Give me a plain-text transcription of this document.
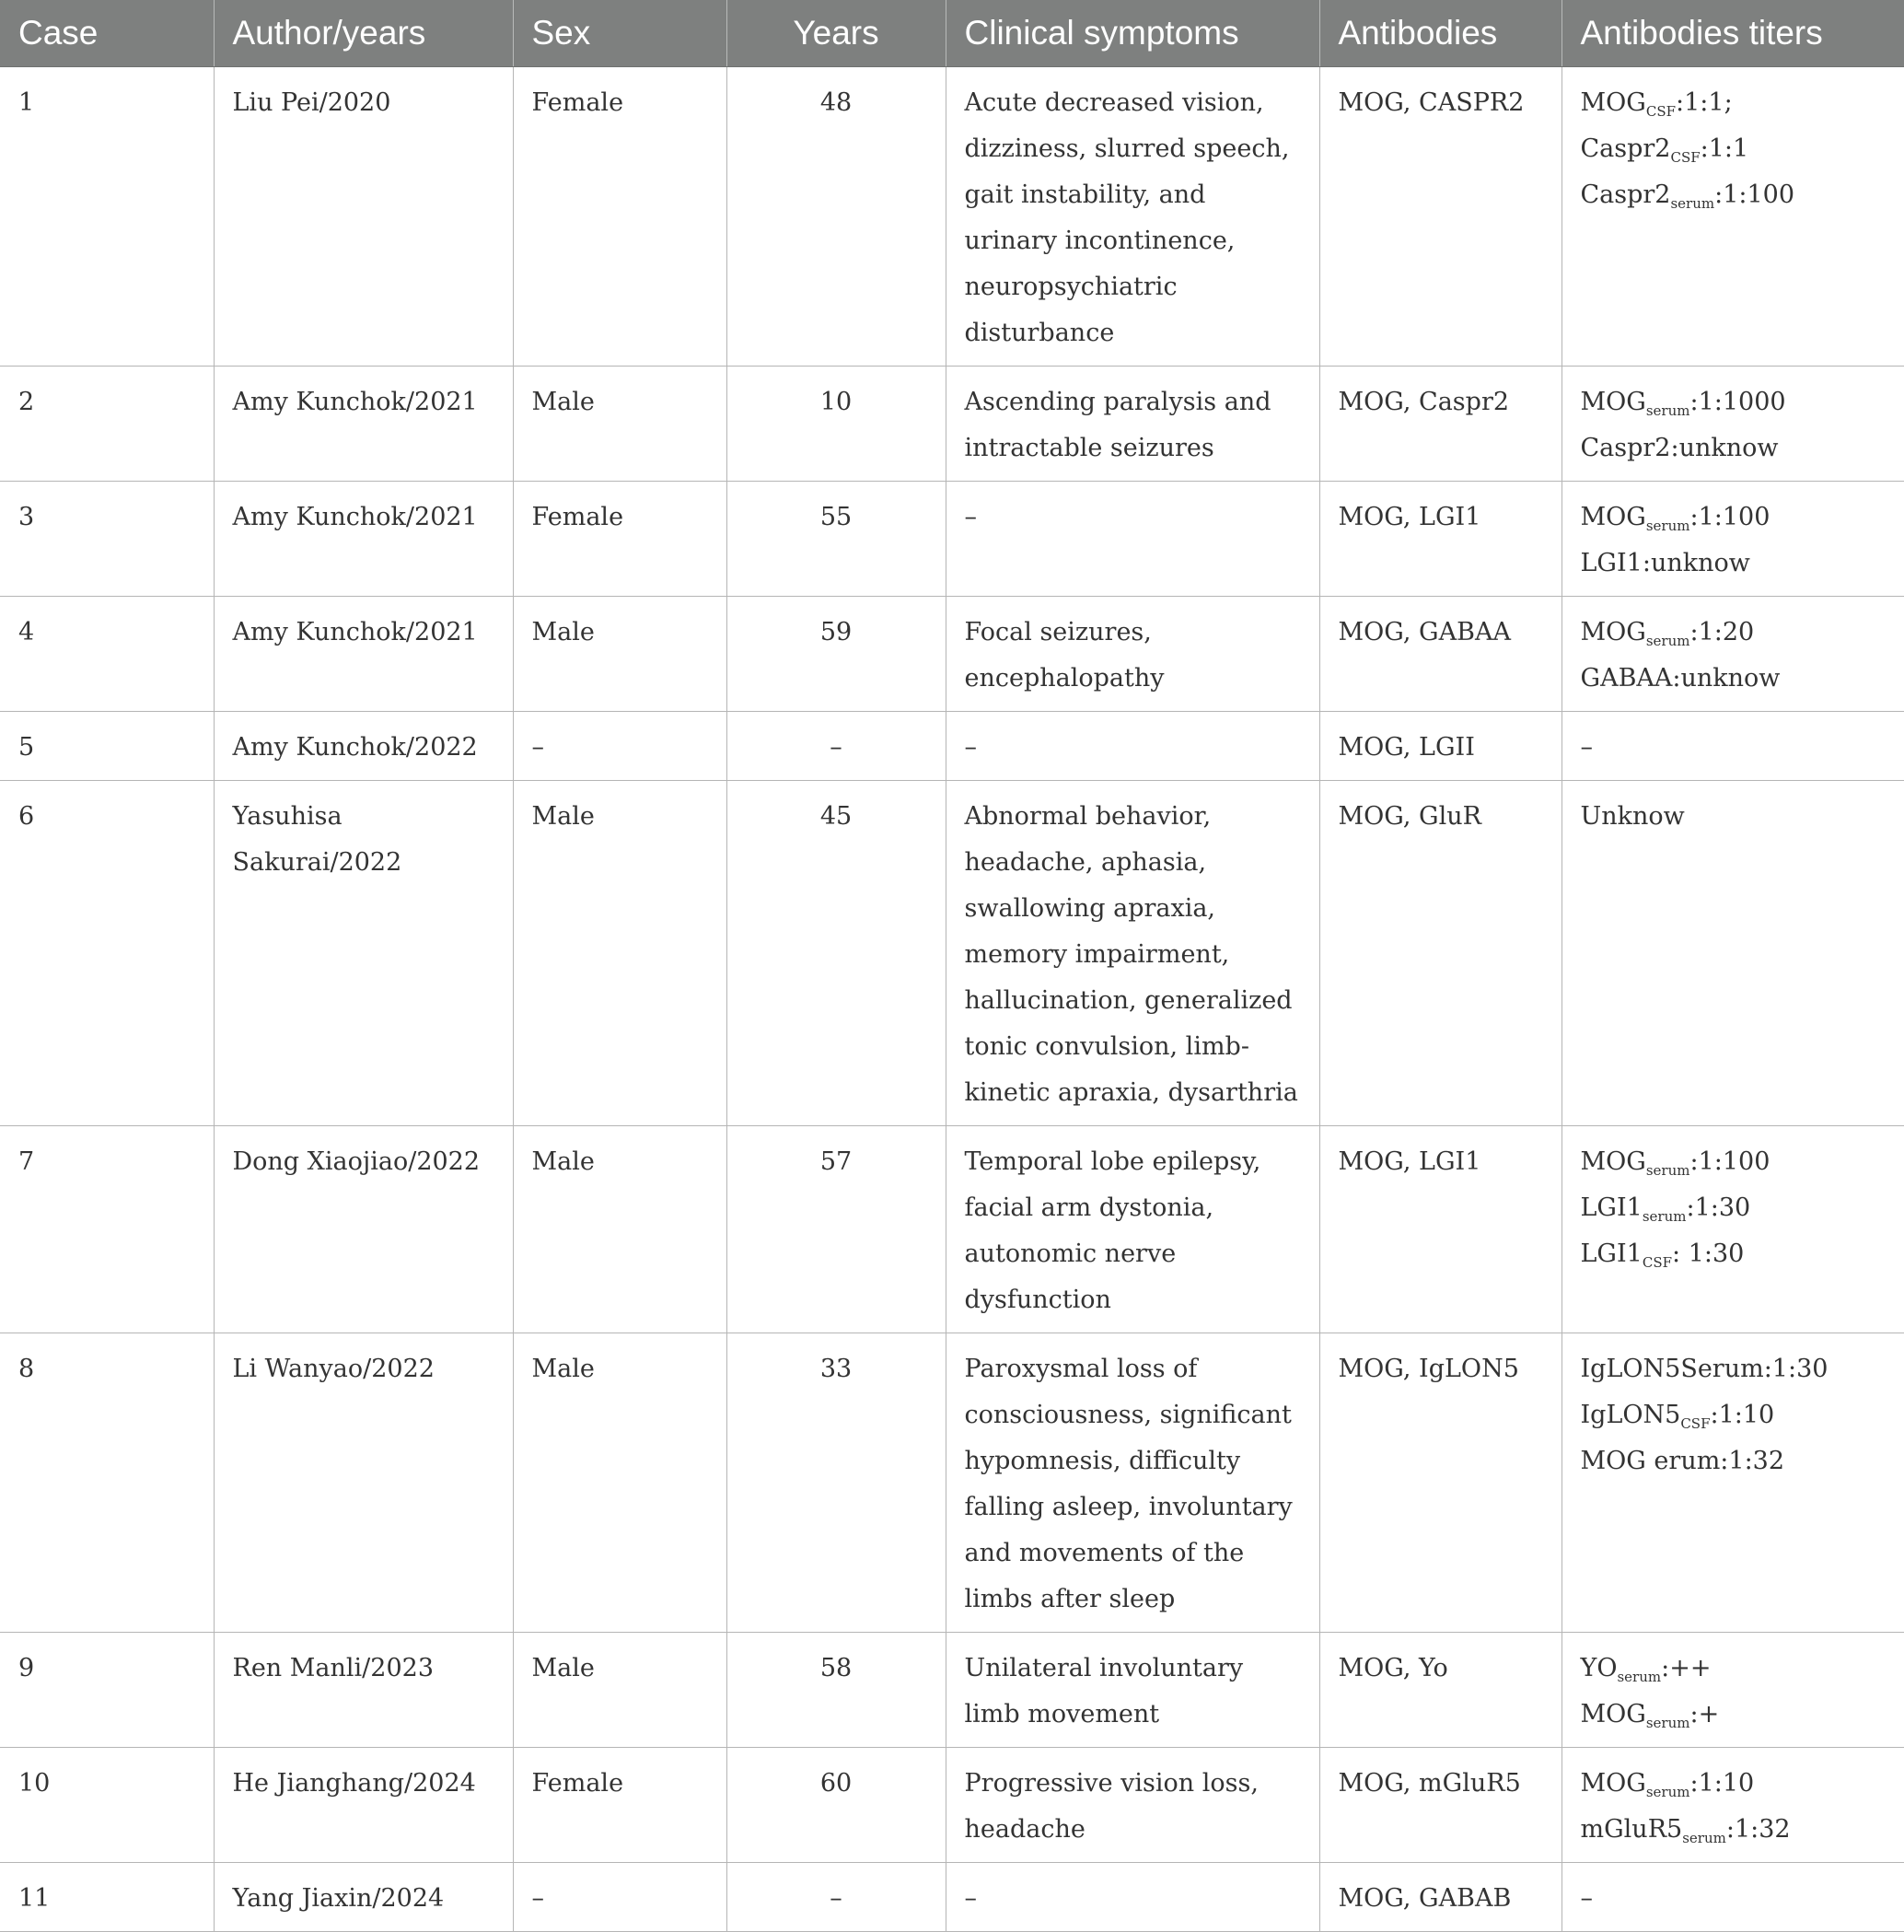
Case	Author/years	Sex	Years	Clinical symptoms	Antibodies	Antibodies titers
1	Liu Pei/2020	Female	48	Acute decreased vision, dizziness, slurred speech, gait instability, and urinary incontinence, neuropsychiatric disturbance	MOG, CASPR2	$MOG_{CSF}:1:1$; $Caspr2_{CSF}:1:1$
$Caspr2_{serum}:1:100$

2	Amy Kunchok/2021	Male	10	Ascending paralysis and intractable seizures	MOG, Caspr2	$MOG_{serum}:1:1000$
Caspr2:unknow

3	Amy Kunchok/2021	Female	55	–	MOG, LGI1	$MOG_{serum}:1:100$
LGI1:unknow

4	Amy Kunchok/2021	Male	59	Focal seizures, encephalopathy	MOG, GABAA	$MOG_{serum}:1:20$
GABAA:unknow

5	Amy Kunchok/2022	–	–	–	MOG, LGII	–

6	Yasuhisa Sakurai/2022	Male	45	Abnormal behavior, headache, aphasia, swallowing apraxia, memory impairment, hallucination, generalized tonic convulsion, limb-kinetic apraxia, dysarthria	MOG, GluR	Unknow

7	Dong Xiaojiao/2022	Male	57	Temporal lobe epilepsy, facial arm dystonia, autonomic nerve dysfunction	MOG, LGI1	$MOG_{serum}:1:100$
$LGI1_{serum}:1:30$
$LGI1_{CSF}$: 1:30

8	Li Wanyao/2022	Male	33	Paroxysmal loss of consciousness, significant hypomnesis, difficulty falling asleep, involuntary and movements of the limbs after sleep	MOG, IgLON5	IgLON5Serum:1:30
$IgLON5_{CSF}:1:10$
MOG erum:1:32

9	Ren Manli/2023	Male	58	Unilateral involuntary limb movement	MOG, Yo	$YO_{serum}:++$
$MOG_{serum}:+$

10	He Jianghang/2024	Female	60	Progressive vision loss, headache	MOG, mGluR5	$MOG_{serum}:1:10$
$mGluR5_{serum}:1:32$

11	Yang Jiaxin/2024	–	–	–	MOG, GABAB	–
